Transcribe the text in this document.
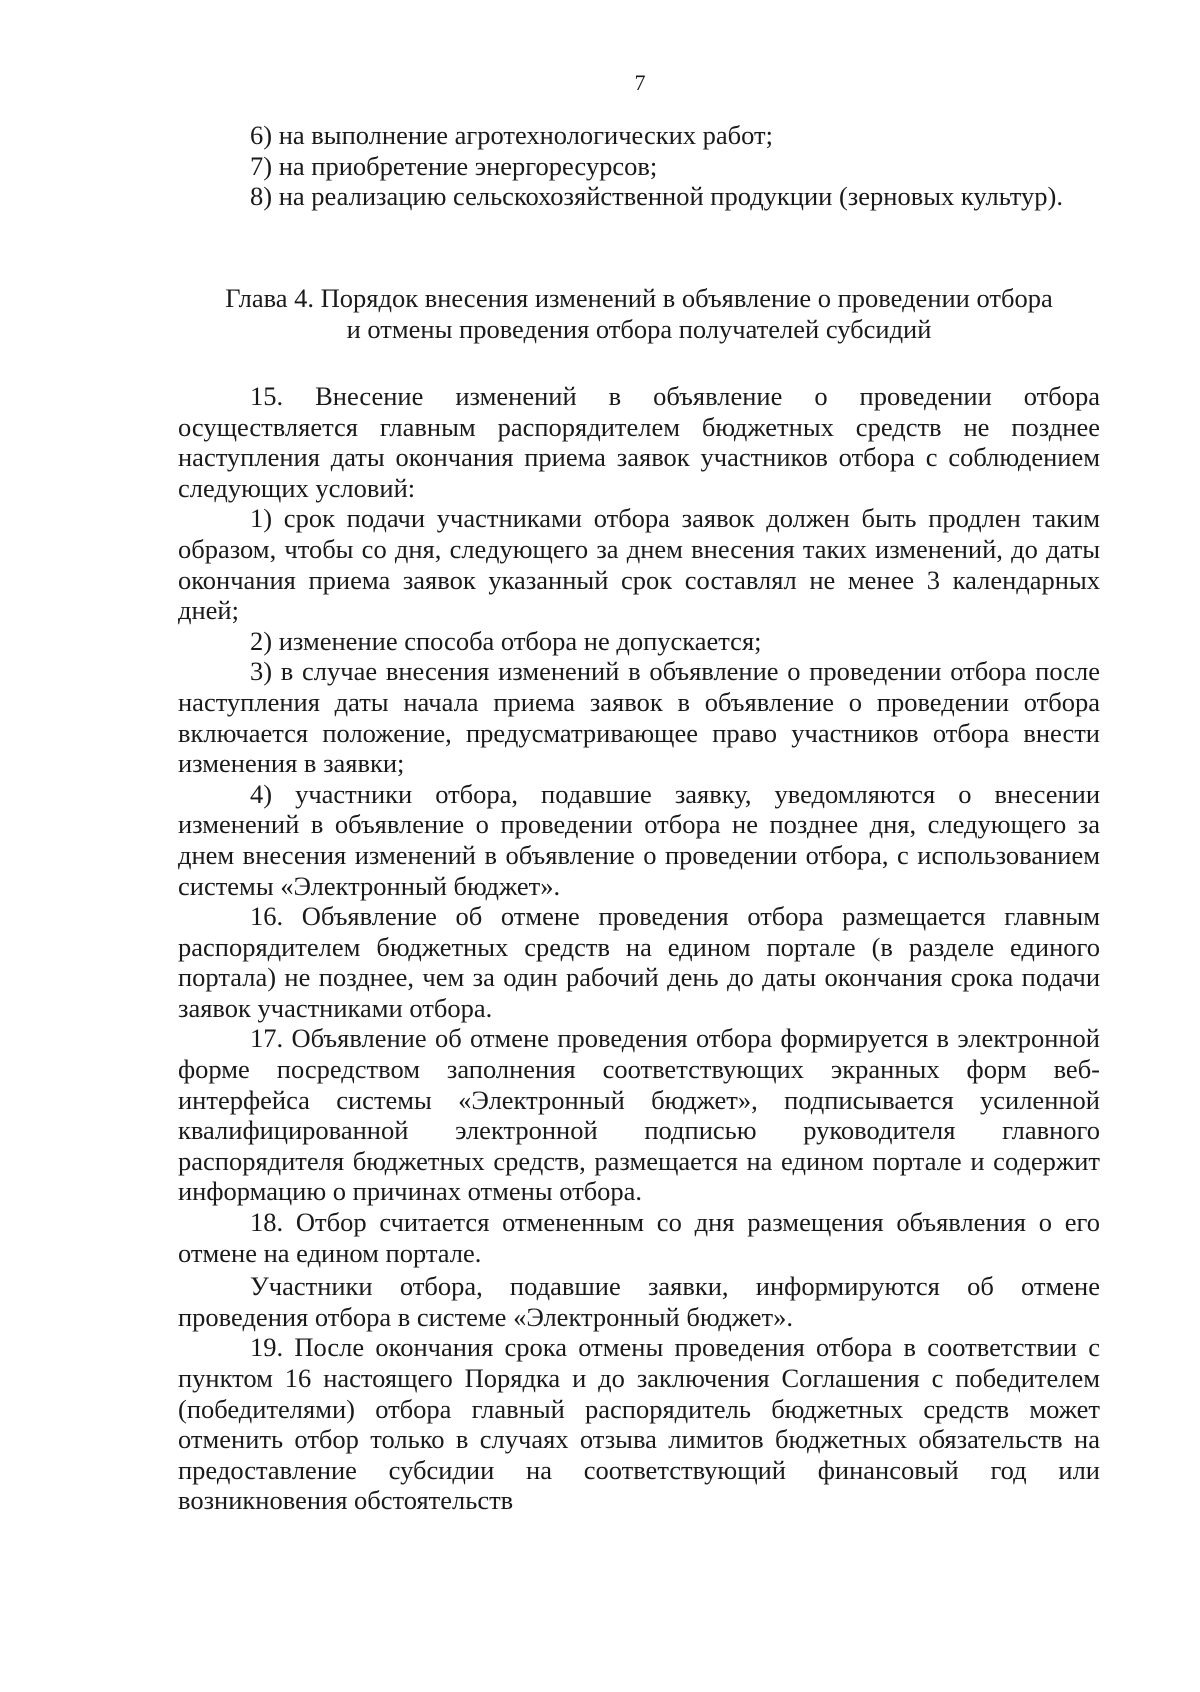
7

6) на выполнение агротехнологических работ;

7) на приобретение энергоресурсов;

8) на реализацию сельскохозяйственной продукции (зерновых культур).

Глава 4. Порядок внесения изменений в объявление о проведении отбора

и отмены проведения отбора получателей субсидий

15. Внесение изменений в объявление о проведении отбора осуществляется главным распорядителем бюджетных средств не позднее наступления даты окончания приема заявок участников отбора с соблюдением следующих условий:

1) срок подачи участниками отбора заявок должен быть продлен таким образом, чтобы со дня, следующего за днем внесения таких изменений, до даты окончания приема заявок указанный срок составлял не менее 3 календарных дней;

2) изменение способа отбора не допускается;

3) в случае внесения изменений в объявление о проведении отбора после наступления даты начала приема заявок в объявление о проведении отбора включается положение, предусматривающее право участников отбора внести изменения в заявки;

4) участники отбора, подавшие заявку, уведомляются о внесении изменений в объявление о проведении отбора не позднее дня, следующего за днем внесения изменений в объявление о проведении отбора, с использованием системы «Электронный бюджет».

16. Объявление об отмене проведения отбора размещается главным распорядителем бюджетных средств на едином портале (в разделе единого портала) не позднее, чем за один рабочий день до даты окончания срока подачи заявок участниками отбора.

17. Объявление об отмене проведения отбора формируется в электронной форме посредством заполнения соответствующих экранных форм веб-интерфейса системы «Электронный бюджет», подписывается усиленной квалифицированной электронной подписью руководителя главного распорядителя бюджетных средств, размещается на едином портале и содержит информацию о причинах отмены отбора.

18. Отбор считается отмененным со дня размещения объявления о его отмене на едином портале.

Участники отбора, подавшие заявки, информируются об отмене проведения отбора в системе «Электронный бюджет».

19. После окончания срока отмены проведения отбора в соответствии с пунктом 16 настоящего Порядка и до заключения Соглашения с победителем (победителями) отбора главный распорядитель бюджетных средств может отменить отбор только в случаях отзыва лимитов бюджетных обязательств на предоставление субсидии на соответствующий финансовый год или возникновения обстоятельств
